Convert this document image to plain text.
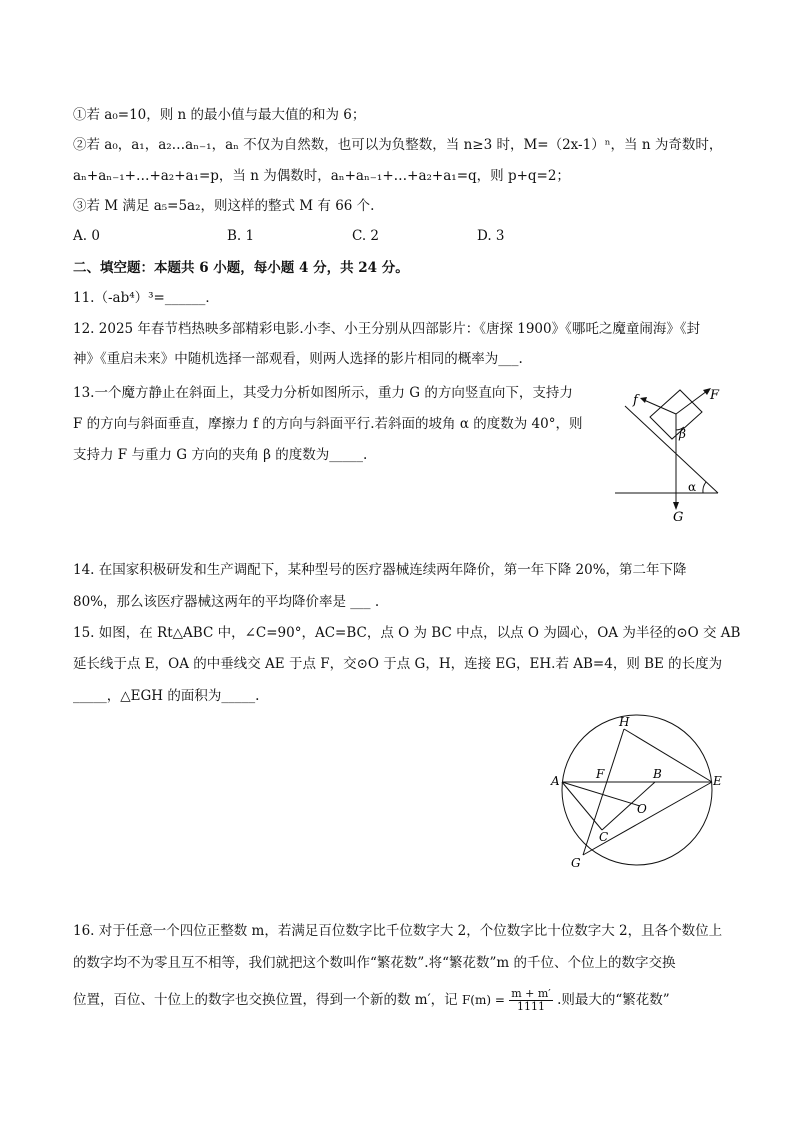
①若 a₀=10，则 n 的最小值与最大值的和为 6；
②若 a₀，a₁，a₂…aₙ₋₁，aₙ 不仅为自然数，也可以为负整数，当 n≥3 时，M=（2x-1）ⁿ，当 n 为奇数时，
aₙ+aₙ₋₁+…+a₂+a₁=p，当 n 为偶数时，aₙ+aₙ₋₁+…+a₂+a₁=q，则 p+q=2；
③若 M 满足 a₅=5a₂，则这样的整式 M 有 66 个.
A. 0	B. 1	C. 2	D. 3
二、填空题：本题共 6 小题，每小题 4 分，共 24 分。
11.（-ab⁴）³=______．
12. 2025 年春节档热映多部精彩电影.小李、小王分别从四部影片：《唐探 1900》《哪吒之魔童闹海》《封
神》《重启未来》中随机选择一部观看，则两人选择的影片相同的概率为___.
13.一个魔方静止在斜面上，其受力分析如图所示，重力 G 的方向竖直向下，支持力
F 的方向与斜面垂直，摩擦力 f 的方向与斜面平行.若斜面的坡角 α 的度数为 40°，则
支持力 F 与重力 G 方向的夹角 β 的度数为_____.
f	F
β
α
G
14. 在国家积极研发和生产调配下，某种型号的医疗器械连续两年降价，第一年下降 20%，第二年下降
80%，那么该医疗器械这两年的平均降价率是 ___ .
15. 如图，在 Rt△ABC 中，∠C=90°，AC=BC，点 O 为 BC 中点，以点 O 为圆心，OA 为半径的⊙O 交 AB
延长线于点 E，OA 的中垂线交 AE 于点 F，交⊙O 于点 G，H，连接 EG，EH.若 AB=4，则 BE 的长度为
_____，△EGH 的面积为_____.
H
A	F	B	E
O
C
G
16. 对于任意一个四位正整数 m，若满足百位数字比千位数字大 2，个位数字比十位数字大 2，且各个数位上
的数字均不为零且互不相等，我们就把这个数叫作“繁花数”.将“繁花数”m 的千位、个位上的数字交换
位置，百位、十位上的数字也交换位置，得到一个新的数 m′，记 $F(m) = \frac{m + m'}{1111}$ .则最大的“繁花数”
